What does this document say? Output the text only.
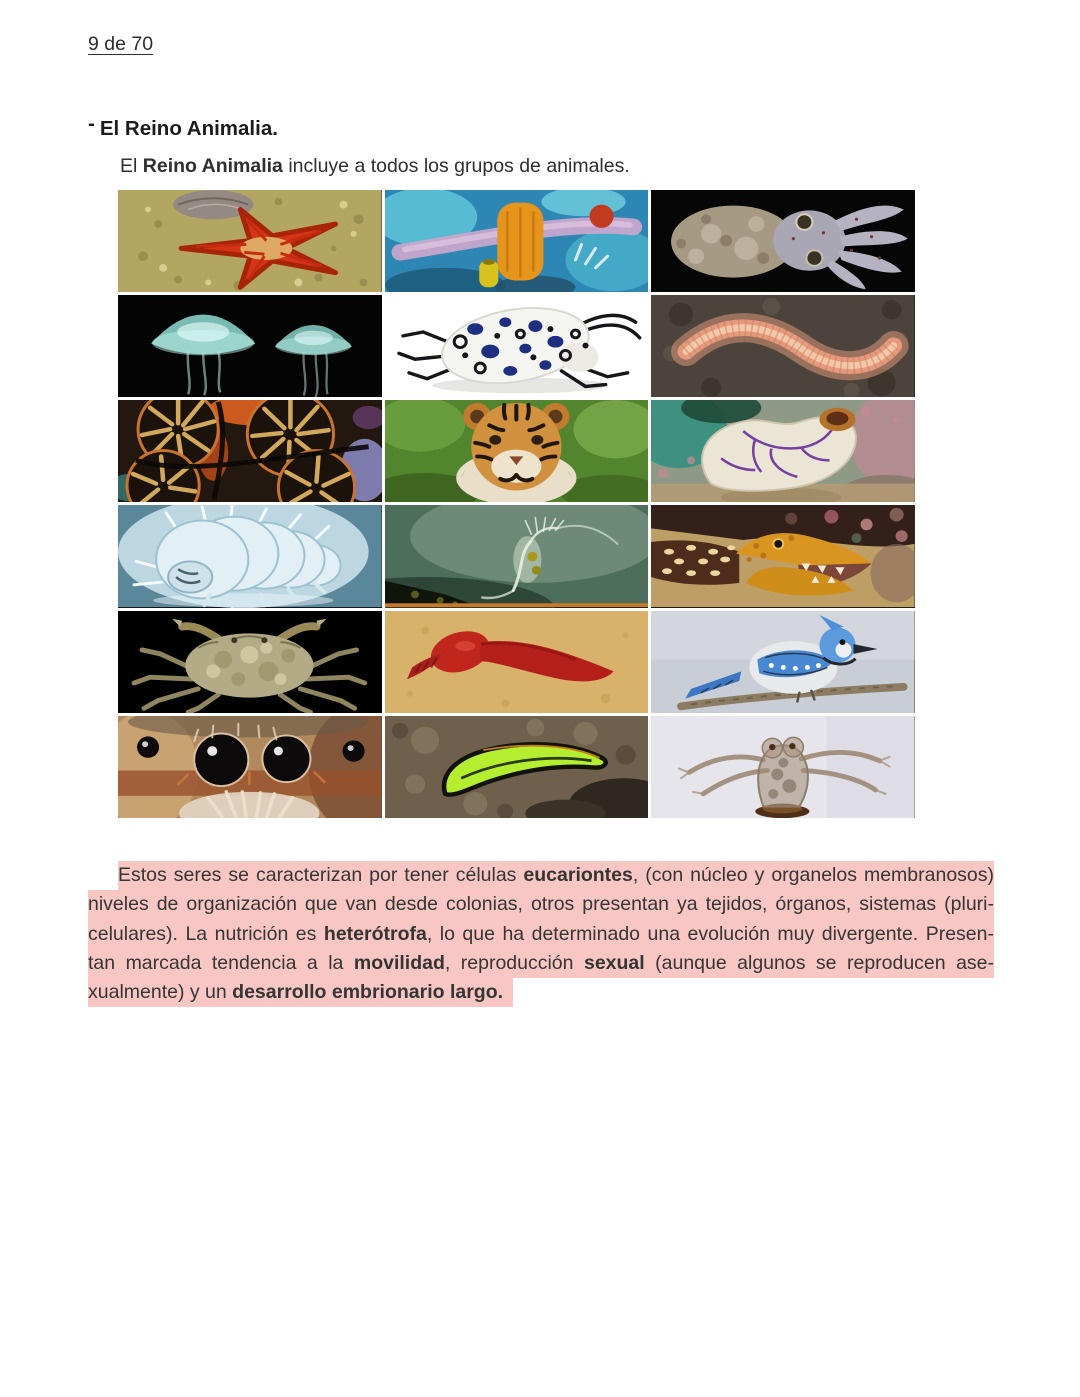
9 de 70
- El Reino Animalia.
El Reino Animalia incluye a todos los grupos de animales.
Estos seres se caracterizan por tener células eucariontes, (con núcleo y organelos membranosos)
niveles de organización que van desde colonias, otros presentan ya tejidos, órganos, sistemas (pluri-
celulares). La nutrición es heterótrofa, lo que ha determinado una evolución muy divergente. Presen-
tan marcada tendencia a la movilidad, reproducción sexual (aunque algunos se reproducen ase-
xualmente) y un desarrollo embrionario largo.
